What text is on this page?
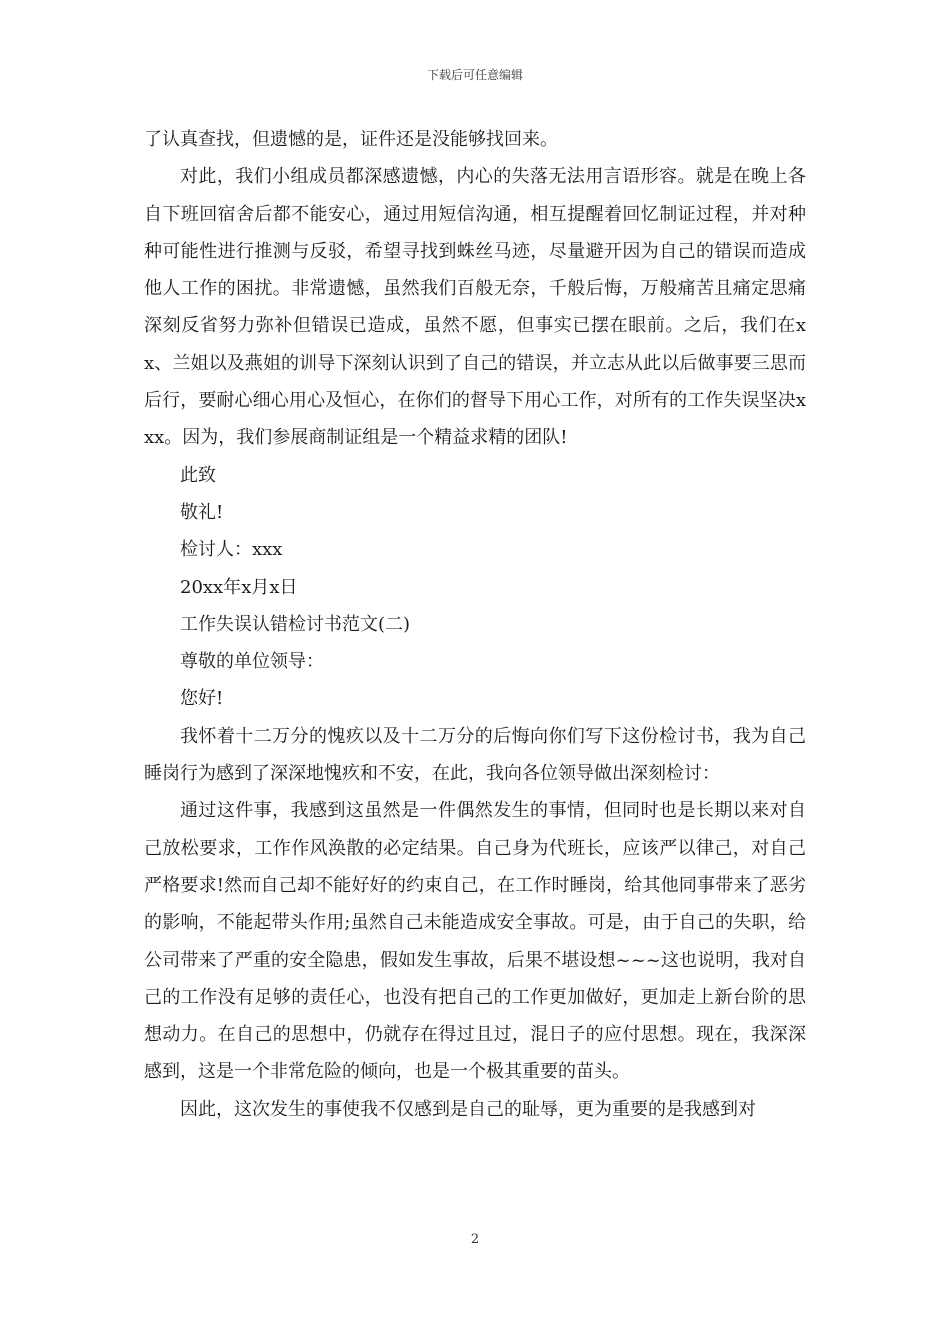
下载后可任意编辑

了认真查找，但遗憾的是，证件还是没能够找回来。

对此，我们小组成员都深感遗憾，内心的失落无法用言语形容。就是在晚上各自下班回宿舍后都不能安心，通过用短信沟通，相互提醒着回忆制证过程，并对种种可能性进行推测与反驳，希望寻找到蛛丝马迹，尽量避开因为自己的错误而造成他人工作的困扰。非常遗憾，虽然我们百般无奈，千般后悔，万般痛苦且痛定思痛深刻反省努力弥补但错误已造成，虽然不愿，但事实已摆在眼前。之后，我们在xx、兰姐以及燕姐的训导下深刻认识到了自己的错误，并立志从此以后做事要三思而后行，要耐心细心用心及恒心，在你们的督导下用心工作，对所有的工作失误坚决xxx。因为，我们参展商制证组是一个精益求精的团队!

此致

敬礼!

检讨人：xxx

20xx年x月x日

工作失误认错检讨书范文(二)

尊敬的单位领导：

您好!

我怀着十二万分的愧疚以及十二万分的后悔向你们写下这份检讨书，我为自己睡岗行为感到了深深地愧疚和不安，在此，我向各位领导做出深刻检讨：

通过这件事，我感到这虽然是一件偶然发生的事情，但同时也是长期以来对自己放松要求，工作作风涣散的必定结果。自己身为代班长，应该严以律己，对自己严格要求!然而自己却不能好好的约束自己，在工作时睡岗，给其他同事带来了恶劣的影响，不能起带头作用;虽然自己未能造成安全事故。可是，由于自己的失职，给公司带来了严重的安全隐患，假如发生事故，后果不堪设想~~~这也说明，我对自己的工作没有足够的责任心，也没有把自己的工作更加做好，更加走上新台阶的思想动力。在自己的思想中，仍就存在得过且过，混日子的应付思想。现在，我深深感到，这是一个非常危险的倾向，也是一个极其重要的苗头。

因此，这次发生的事使我不仅感到是自己的耻辱，更为重要的是我感到对

2
